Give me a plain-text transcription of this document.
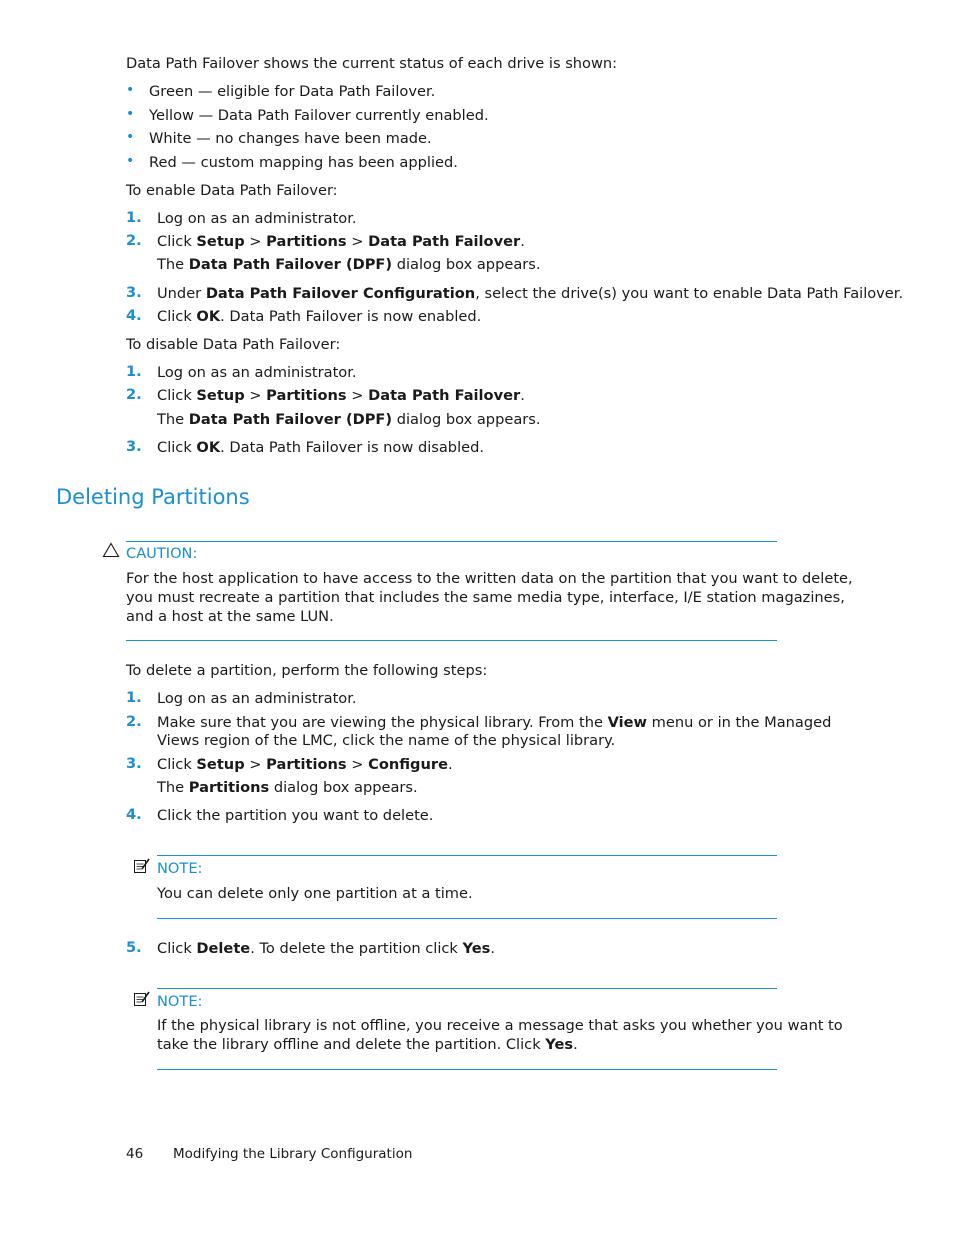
Data Path Failover shows the current status of each drive is shown:
• Green — eligible for Data Path Failover.
• Yellow — Data Path Failover currently enabled.
• White — no changes have been made.
• Red — custom mapping has been applied.
To enable Data Path Failover:
1. Log on as an administrator.
2. Click Setup > Partitions > Data Path Failover.
The Data Path Failover (DPF) dialog box appears.
3. Under Data Path Failover Configuration, select the drive(s) you want to enable Data Path Failover.
4. Click OK. Data Path Failover is now enabled.
To disable Data Path Failover:
1. Log on as an administrator.
2. Click Setup > Partitions > Data Path Failover.
The Data Path Failover (DPF) dialog box appears.
3. Click OK. Data Path Failover is now disabled.
Deleting Partitions
CAUTION:
For the host application to have access to the written data on the partition that you want to delete,
you must recreate a partition that includes the same media type, interface, I/E station magazines,
and a host at the same LUN.
To delete a partition, perform the following steps:
1. Log on as an administrator.
2. Make sure that you are viewing the physical library. From the View menu or in the Managed
Views region of the LMC, click the name of the physical library.
3. Click Setup > Partitions > Configure.
The Partitions dialog box appears.
4. Click the partition you want to delete.
NOTE:
You can delete only one partition at a time.
5. Click Delete. To delete the partition click Yes.
NOTE:
If the physical library is not offline, you receive a message that asks you whether you want to
take the library offline and delete the partition. Click Yes.
46 Modifying the Library Configuration
